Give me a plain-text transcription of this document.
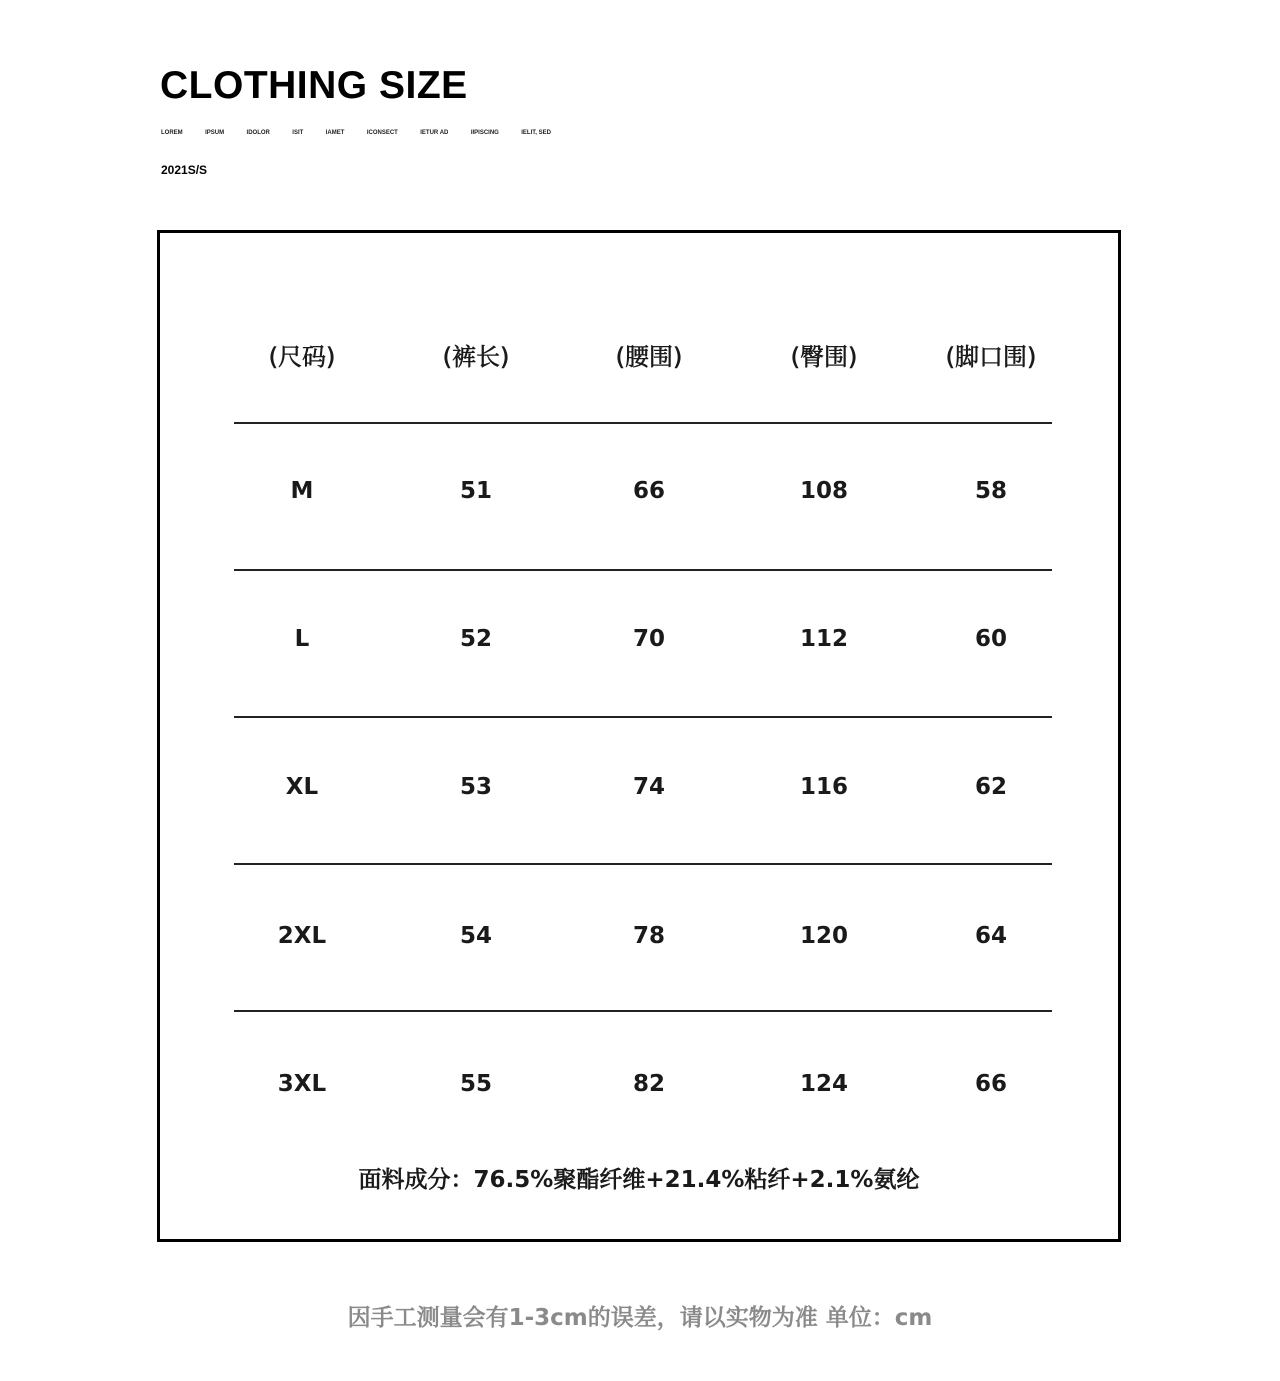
CLOTHING SIZE
LOREM	IPSUM	IDOLOR	ISIT	IAMET	ICONSECT	IETUR AD	IIPISCING	IELIT, SED
2021S/S
(尺码)	(裤长)	(腰围)	(臀围)	(脚口围)
M	51	66	108	58
L	52	70	112	60
XL	53	74	116	62
2XL	54	78	120	64
3XL	55	82	124	66
面料成分：76.5%聚酯纤维+21.4%粘纤+2.1%氨纶
因手工测量会有1-3cm的误差，请以实物为准 单位：cm
